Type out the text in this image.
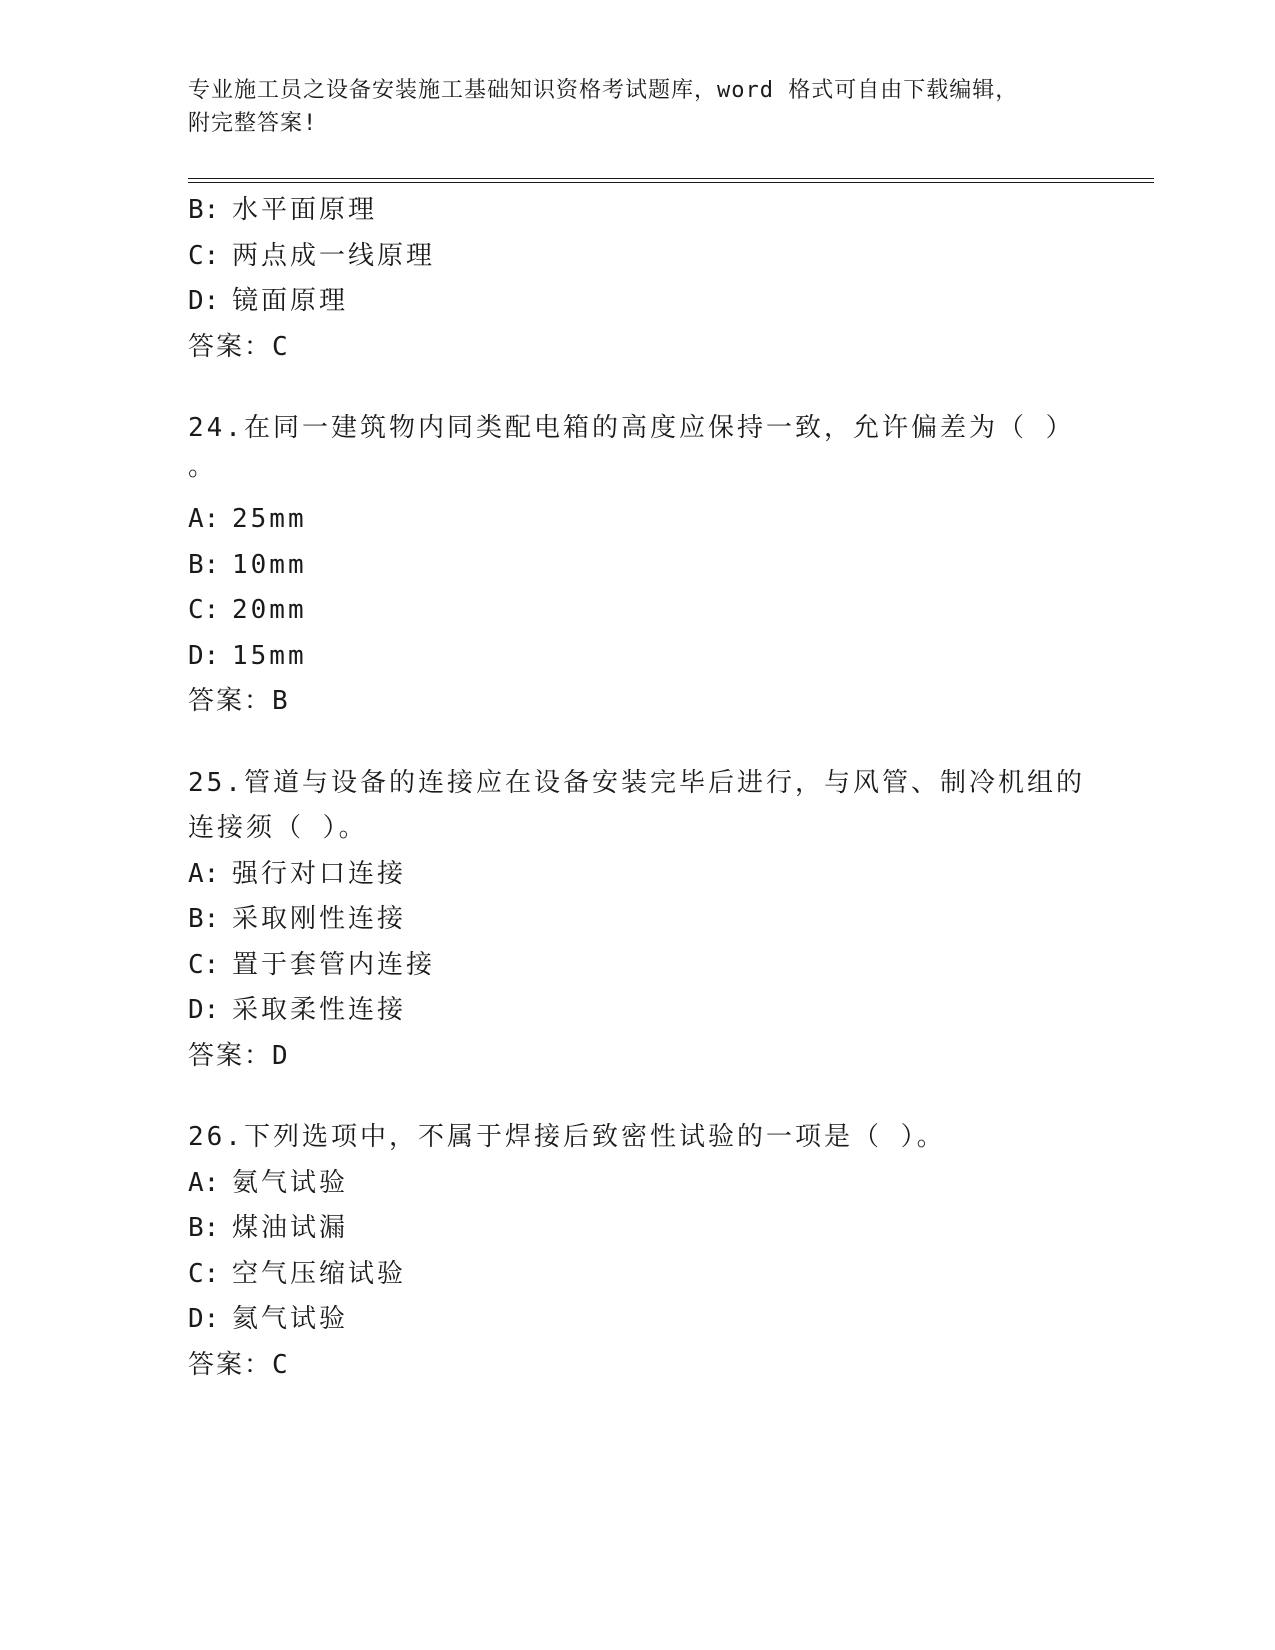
专业施工员之设备安装施工基础知识资格考试题库，word 格式可自由下载编辑，
附完整答案!
B: 水平面原理
C: 两点成一线原理
D: 镜面原理
答案：C
24.在同一建筑物内同类配电箱的高度应保持一致，允许偏差为（ ）
。
A: 25mm
B: 10mm
C: 20mm
D: 15mm
答案：B
25.管道与设备的连接应在设备安装完毕后进行，与风管、制冷机组的
连接须（ ）。
A: 强行对口连接
B: 采取刚性连接
C: 置于套管内连接
D: 采取柔性连接
答案：D
26.下列选项中，不属于焊接后致密性试验的一项是（ ）。
A: 氨气试验
B: 煤油试漏
C: 空气压缩试验
D: 氦气试验
答案：C
